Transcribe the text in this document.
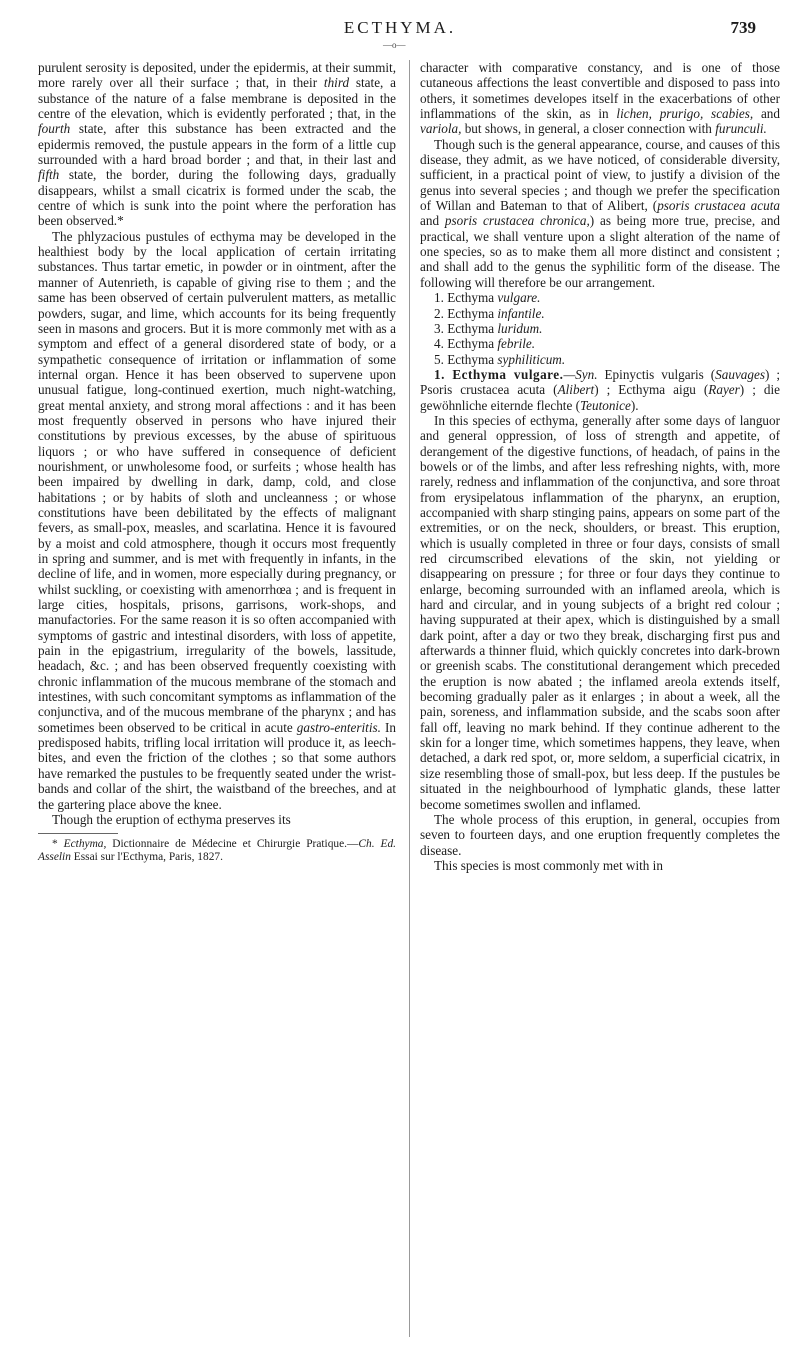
ECTHYMA.	739
—o—

purulent serosity is deposited, under the epidermis, at their summit, more rarely over all their surface ; that, in their third state, a substance of the nature of a false membrane is deposited in the centre of the elevation, which is evidently perforated ; that, in the fourth state, after this substance has been extracted and the epidermis removed, the pustule appears in the form of a little cup surrounded with a hard broad border ; and that, in their last and fifth state, the border, during the following days, gradually disappears, whilst a small cicatrix is formed under the scab, the centre of which is sunk into the point where the perforation has been observed.*

The phlyzacious pustules of ecthyma may be developed in the healthiest body by the local application of certain irritating substances. Thus tartar emetic, in powder or in ointment, after the manner of Autenrieth, is capable of giving rise to them ; and the same has been observed of certain pulverulent matters, as metallic powders, sugar, and lime, which accounts for its being frequently seen in masons and grocers. But it is more commonly met with as a symptom and effect of a general disordered state of body, or a sympathetic consequence of irritation or inflammation of some internal organ. Hence it has been observed to supervene upon unusual fatigue, long-continued exertion, much night-watching, great mental anxiety, and strong moral affections : and it has been most frequently observed in persons who have injured their constitutions by previous excesses, by the abuse of spirituous liquors ; or who have suffered in consequence of deficient nourishment, or unwholesome food, or surfeits ; whose health has been impaired by dwelling in dark, damp, cold, and close habitations ; or by habits of sloth and uncleanness ; or whose constitutions have been debilitated by the effects of malignant fevers, as small-pox, measles, and scarlatina. Hence it is favoured by a moist and cold atmosphere, though it occurs most frequently in spring and summer, and is met with frequently in infants, in the decline of life, and in women, more especially during pregnancy, or whilst suckling, or coexisting with amenorrhœa ; and is frequent in large cities, hospitals, prisons, garrisons, work-shops, and manufactories. For the same reason it is so often accompanied with symptoms of gastric and intestinal disorders, with loss of appetite, pain in the epigastrium, irregularity of the bowels, lassitude, headach, &c. ; and has been observed frequently coexisting with chronic inflammation of the mucous membrane of the stomach and intestines, with such concomitant symptoms as inflammation of the conjunctiva, and of the mucous membrane of the pharynx ; and has sometimes been observed to be critical in acute gastro-enteritis. In predisposed habits, trifling local irritation will produce it, as leech-bites, and even the friction of the clothes ; so that some authors have remarked the pustules to be frequently seated under the wrist-bands and collar of the shirt, the waistband of the breeches, and at the gartering place above the knee.

Though the eruption of ecthyma preserves its

* Ecthyma, Dictionnaire de Médecine et Chirurgie Pratique.—Ch. Ed. Asselin Essai sur l'Ecthyma, Paris, 1827.

character with comparative constancy, and is one of those cutaneous affections the least convertible and disposed to pass into others, it sometimes developes itself in the exacerbations of other inflammations of the skin, as in lichen, prurigo, scabies, and variola, but shows, in general, a closer connection with furunculi.

Though such is the general appearance, course, and causes of this disease, they admit, as we have noticed, of considerable diversity, sufficient, in a practical point of view, to justify a division of the genus into several species ; and though we prefer the specification of Willan and Bateman to that of Alibert, (psoris crustacea acuta and psoris crustacea chronica,) as being more true, precise, and practical, we shall venture upon a slight alteration of the name of one species, so as to make them all more distinct and consistent ; and shall add to the genus the syphilitic form of the disease. The following will therefore be our arrangement.

1. Ecthyma vulgare.

2. Ecthyma infantile.

3. Ecthyma luridum.

4. Ecthyma febrile.

5. Ecthyma syphiliticum.

1. Ecthyma vulgare.—Syn. Epinyctis vulgaris (Sauvages) ; Psoris crustacea acuta (Alibert) ; Ecthyma aigu (Rayer) ; die gewöhnliche eiternde flechte (Teutonice).

In this species of ecthyma, generally after some days of languor and general oppression, of loss of strength and appetite, of derangement of the digestive functions, of headach, of pains in the bowels or of the limbs, and after less refreshing nights, with, more rarely, redness and inflammation of the conjunctiva, and sore throat from erysipelatous inflammation of the pharynx, an eruption, accompanied with sharp stinging pains, appears on some part of the extremities, or on the neck, shoulders, or breast. This eruption, which is usually completed in three or four days, consists of small red circumscribed elevations of the skin, not yielding or disappearing on pressure ; for three or four days they continue to enlarge, becoming surrounded with an inflamed areola, which is hard and circular, and in young subjects of a bright red colour ; having suppurated at their apex, which is distinguished by a small dark point, after a day or two they break, discharging first pus and afterwards a thinner fluid, which quickly concretes into dark-brown or greenish scabs. The constitutional derangement which preceded the eruption is now abated ; the inflamed areola extends itself, becoming gradually paler as it enlarges ; in about a week, all the pain, soreness, and inflammation subside, and the scabs soon after fall off, leaving no mark behind. If they continue adherent to the skin for a longer time, which sometimes happens, they leave, when detached, a dark red spot, or, more seldom, a superficial cicatrix, in size resembling those of small-pox, but less deep. If the pustules be situated in the neighbourhood of lymphatic glands, these latter become sometimes swollen and inflamed.

The whole process of this eruption, in general, occupies from seven to fourteen days, and one eruption frequently completes the disease.

This species is most commonly met with in
